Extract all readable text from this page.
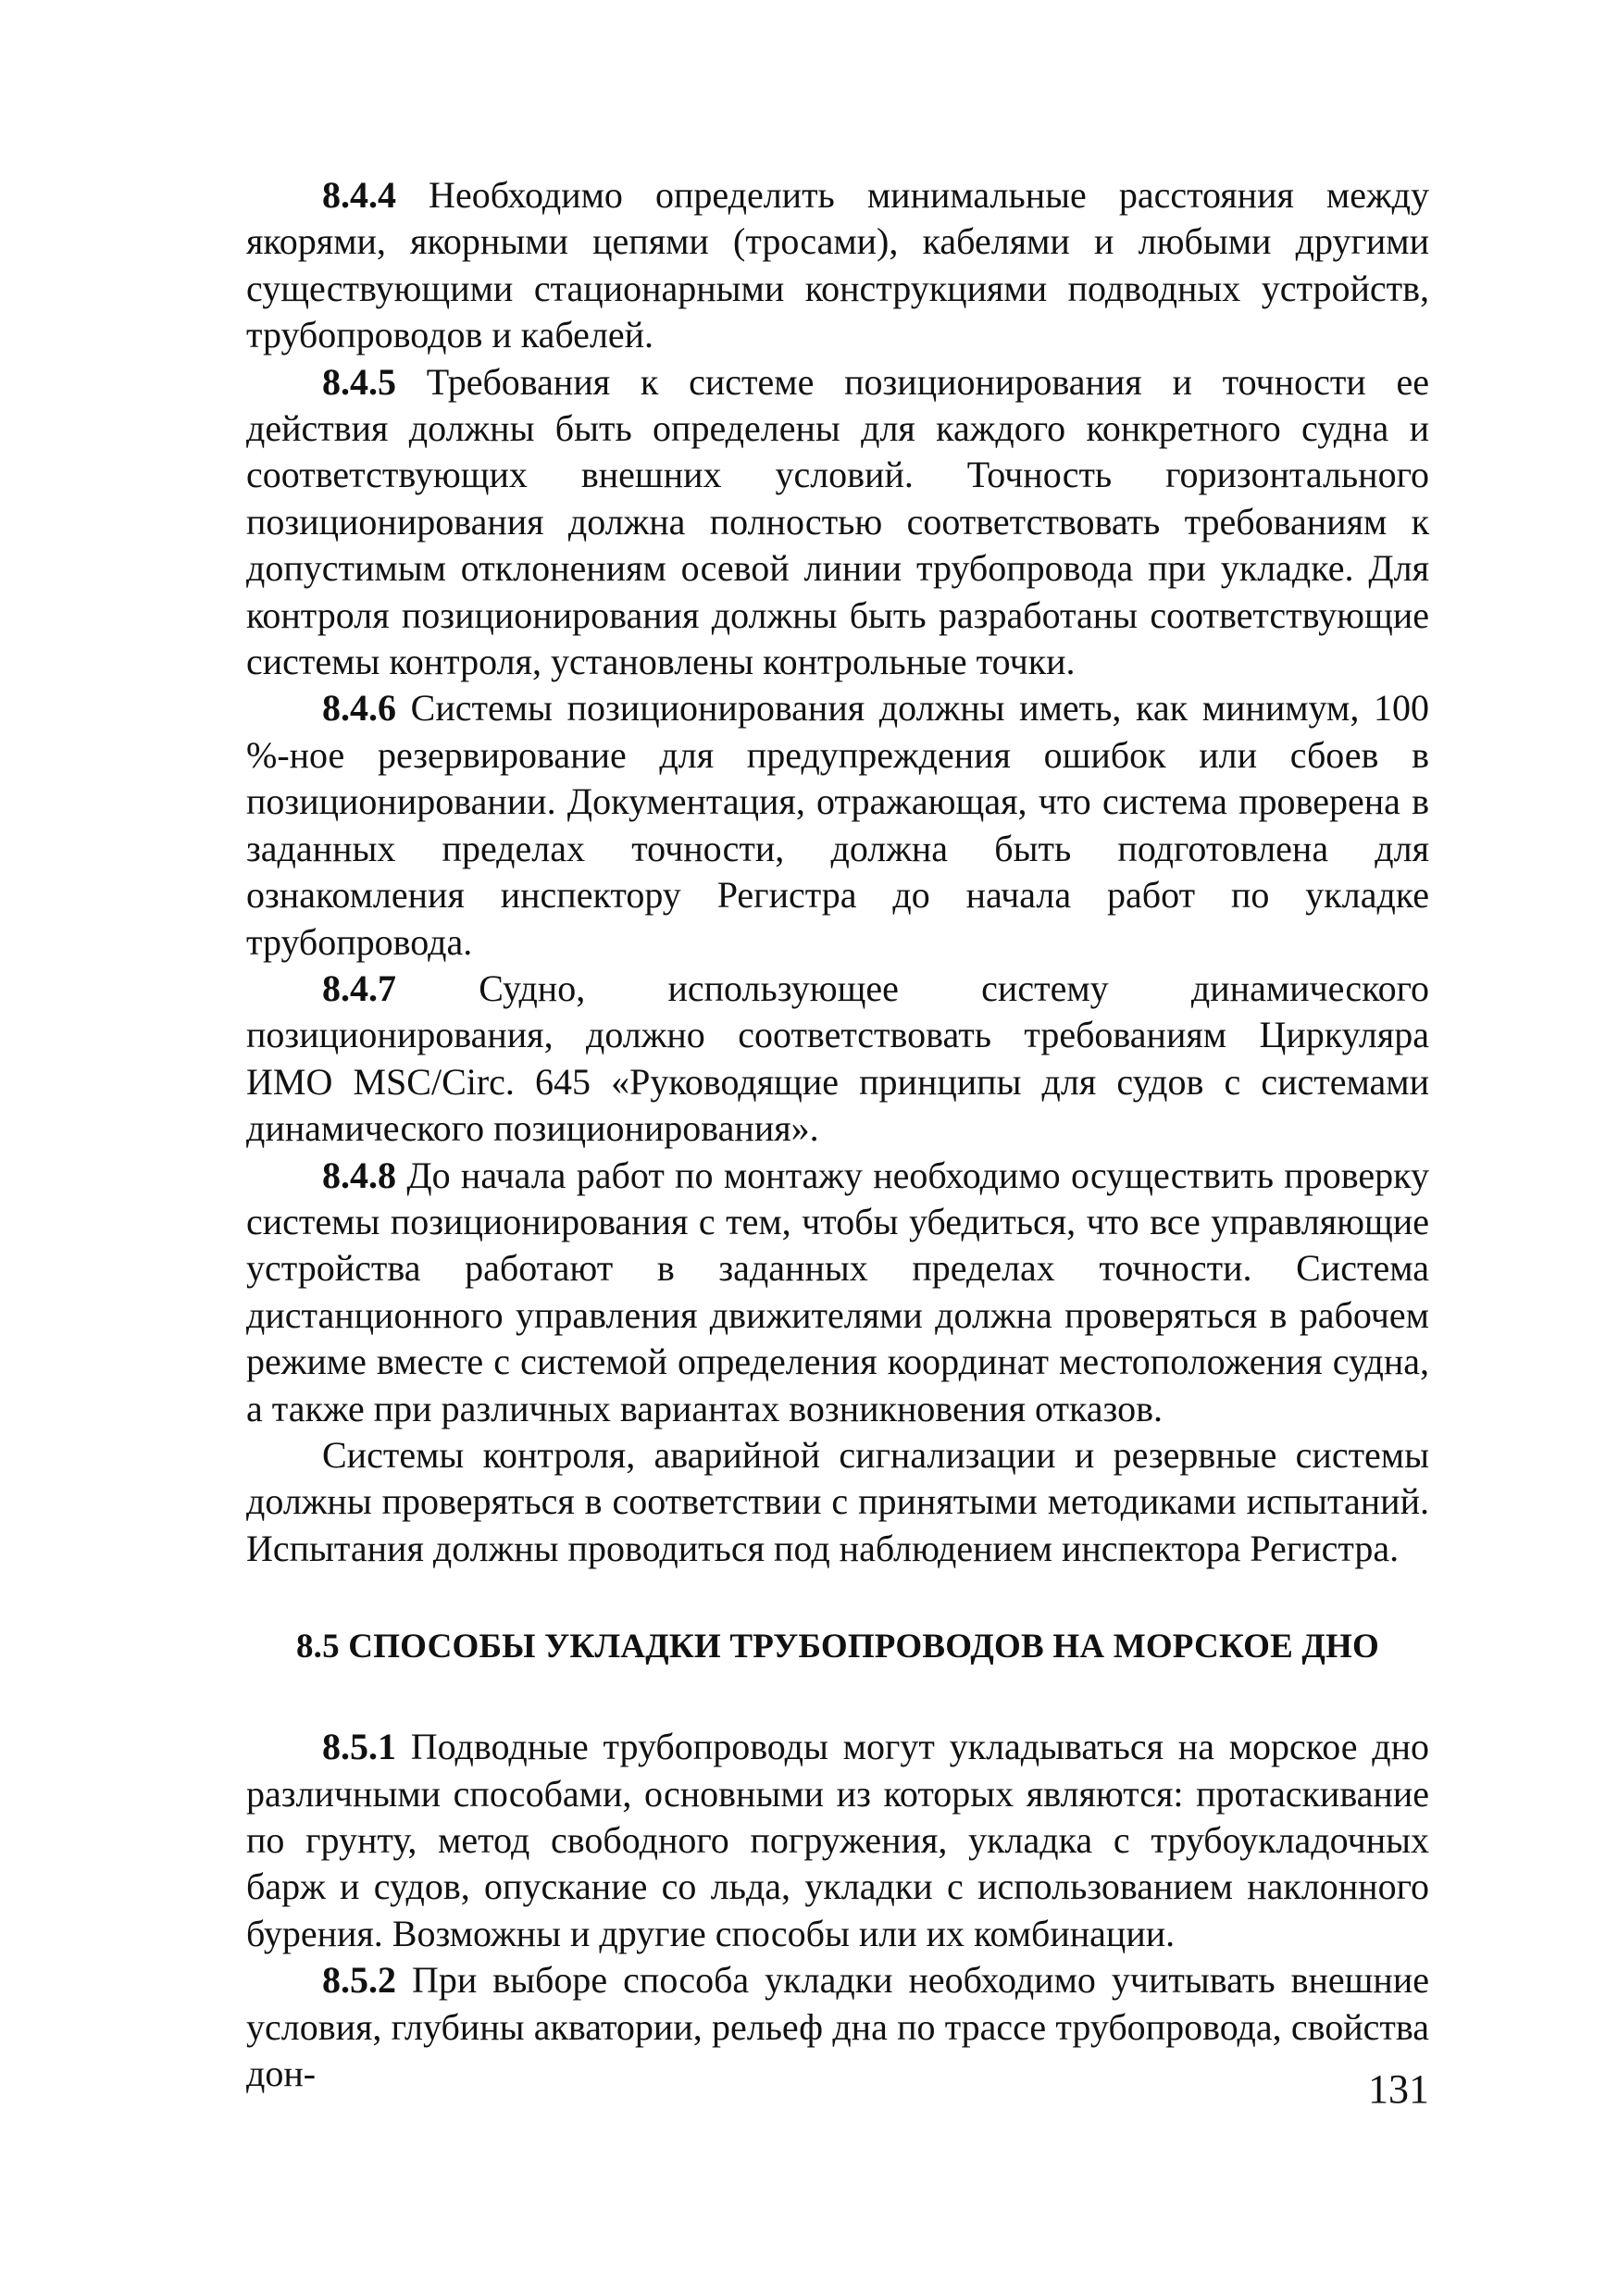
8.4.4 Необходимо определить минимальные расстояния между якорями, якорными цепями (тросами), кабелями и любыми другими существующими стационарными конструкциями подводных устройств, трубопроводов и кабелей.

8.4.5 Требования к системе позиционирования и точности ее действия должны быть определены для каждого конкретного судна и соответствующих внешних условий. Точность горизонтального позиционирования должна полностью соответствовать требованиям к допустимым отклонениям осевой линии трубопровода при укладке. Для контроля позиционирования должны быть разработаны соответствующие системы контроля, установлены контрольные точки.

8.4.6 Системы позиционирования должны иметь, как минимум, 100 %-ное резервирование для предупреждения ошибок или сбоев в позиционировании. Документация, отражающая, что система проверена в заданных пределах точности, должна быть подготовлена для ознакомления инспектору Регистра до начала работ по укладке трубопровода.

8.4.7 Судно, использующее систему динамического позиционирования, должно соответствовать требованиям Циркуляра ИМО MSC/Circ. 645 «Руководящие принципы для судов с системами динамического позиционирования».

8.4.8 До начала работ по монтажу необходимо осуществить проверку системы позиционирования с тем, чтобы убедиться, что все управляющие устройства работают в заданных пределах точности. Система дистанционного управления движителями должна проверяться в рабочем режиме вместе с системой определения координат местоположения судна, а также при различных вариантах возникновения отказов.

Системы контроля, аварийной сигнализации и резервные системы должны проверяться в соответствии с принятыми методиками испытаний. Испытания должны проводиться под наблюдением инспектора Регистра.

8.5 СПОСОБЫ УКЛАДКИ ТРУБОПРОВОДОВ НА МОРСКОЕ ДНО

8.5.1 Подводные трубопроводы могут укладываться на морское дно различными способами, основными из которых являются: протаскивание по грунту, метод свободного погружения, укладка с трубоукладочных барж и судов, опускание со льда, укладки с использованием наклонного бурения. Возможны и другие способы или их комбинации.

8.5.2 При выборе способа укладки необходимо учитывать внешние условия, глубины акватории, рельеф дна по трассе трубопровода, свойства дон-	131
